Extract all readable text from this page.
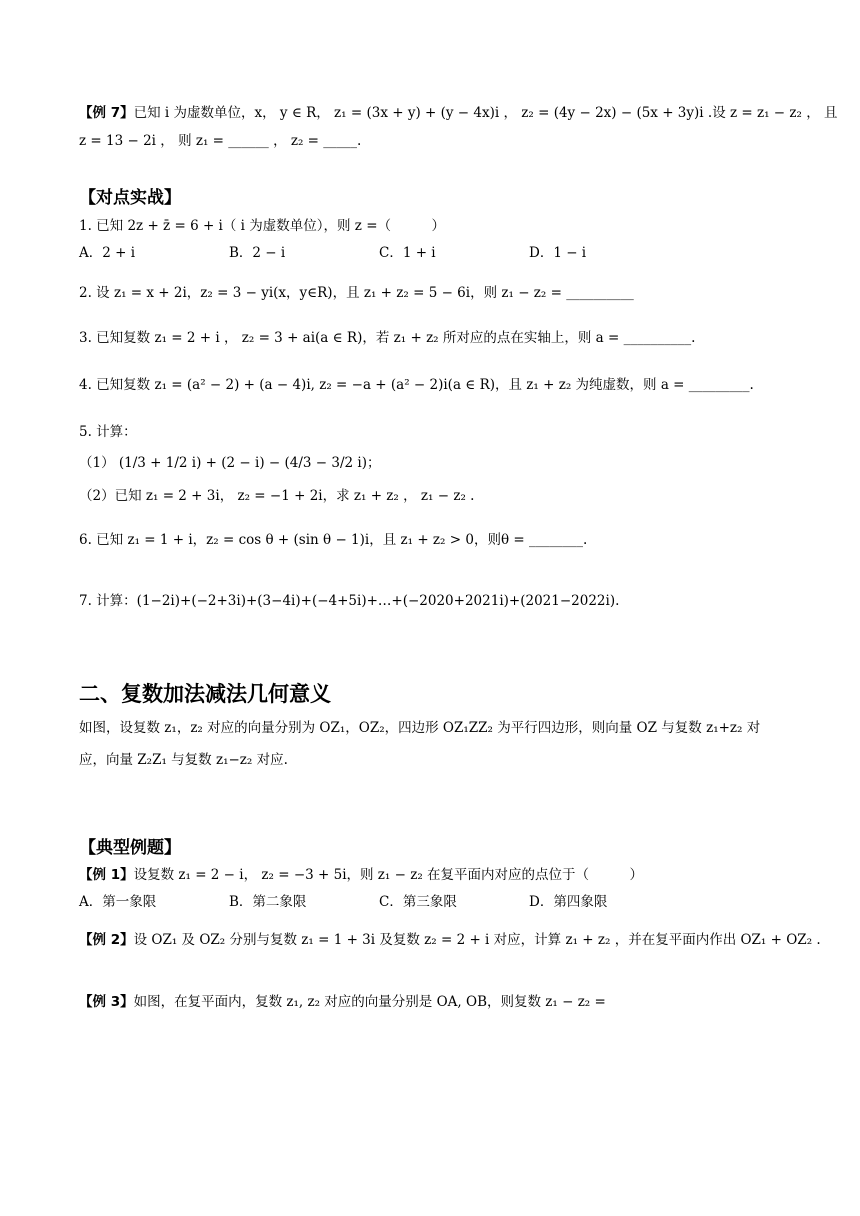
【例 7】已知 i 为虚数单位，x， y ∈ R， z₁ = (3x + y) + (y − 4x)i ， z₂ = (4y − 2x) − (5x + 3y)i .设 z = z₁ − z₂ ， 且
z = 13 − 2i ， 则 z₁ = ______ ， z₂ = _____.
【对点实战】
1. 已知 2z + z̄ = 6 + i（ i 为虚数单位），则 z =（　　　）
A．2 + i	B．2 − i	C．1 + i	D．1 − i
2. 设 z₁ = x + 2i，z₂ = 3 − yi(x，y∈R)，且 z₁ + z₂ = 5 − 6i，则 z₁ − z₂ = __________
3. 已知复数 z₁ = 2 + i ， z₂ = 3 + ai(a ∈ R)，若 z₁ + z₂ 所对应的点在实轴上，则 a = __________.
4. 已知复数 z₁ = (a² − 2) + (a − 4)i, z₂ = −a + (a² − 2)i(a ∈ R)，且 z₁ + z₂ 为纯虚数，则 a = _________.
5. 计算：
（1） (1/3 + 1/2 i) + (2 − i) − (4/3 − 3/2 i)；
（2）已知 z₁ = 2 + 3i， z₂ = −1 + 2i，求 z₁ + z₂ ， z₁ − z₂ .
6. 已知 z₁ = 1 + i，z₂ = cos θ + (sin θ − 1)i，且 z₁ + z₂ > 0，则θ = ________.
7. 计算：(1−2i)+(−2+3i)+(3−4i)+(−4+5i)+…+(−2020+2021i)+(2021−2022i).
二、复数加法减法几何意义
如图，设复数 z₁，z₂ 对应的向量分别为 OZ₁，OZ₂，四边形 OZ₁ZZ₂ 为平行四边形，则向量 OZ 与复数 z₁+z₂ 对
应，向量 Z₂Z₁ 与复数 z₁−z₂ 对应.
【典型例题】
【例 1】设复数 z₁ = 2 − i， z₂ = −3 + 5i，则 z₁ − z₂ 在复平面内对应的点位于（　　　）
A．第一象限	B．第二象限	C．第三象限	D．第四象限
【例 2】设 OZ₁ 及 OZ₂ 分别与复数 z₁ = 1 + 3i 及复数 z₂ = 2 + i 对应，计算 z₁ + z₂ ，并在复平面内作出 OZ₁ + OZ₂ .
【例 3】如图，在复平面内，复数 z₁, z₂ 对应的向量分别是 OA, OB，则复数 z₁ − z₂ =
